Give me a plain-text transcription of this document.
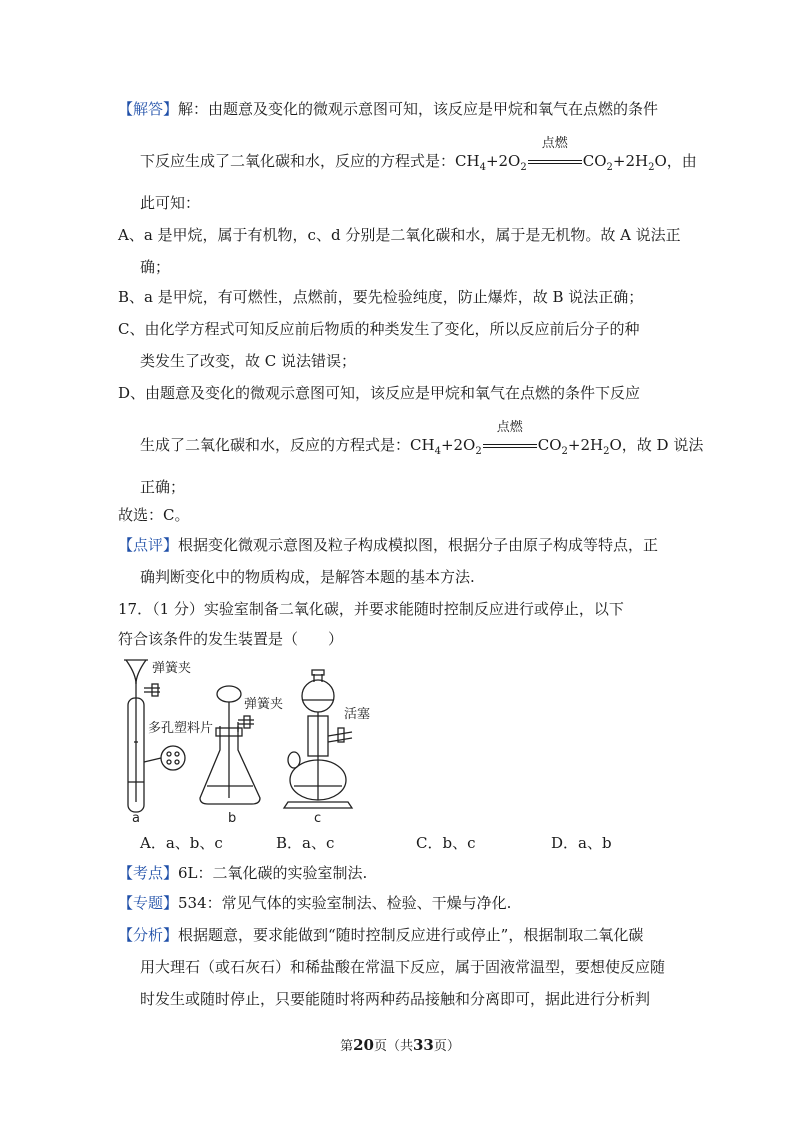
【解答】解：由题意及变化的微观示意图可知，该反应是甲烷和氧气在点燃的条件
下反应生成了二氧化碳和水，反应的方程式是：$CH_4+2O_2$
点燃
$CO_2+2H_2O$，由
此可知：
A、a 是甲烷，属于有机物，c、d 分别是二氧化碳和水，属于是无机物。故 A 说法正
确；
B、a 是甲烷，有可燃性，点燃前，要先检验纯度，防止爆炸，故 B 说法正确；
C、由化学方程式可知反应前后物质的种类发生了变化，所以反应前后分子的种
类发生了改变，故 C 说法错误；
D、由题意及变化的微观示意图可知，该反应是甲烷和氧气在点燃的条件下反应
生成了二氧化碳和水，反应的方程式是：$CH_4+2O_2$
点燃
$CO_2+2H_2O$，故 D 说法
正确；
故选：C。
【点评】根据变化微观示意图及粒子构成模拟图，根据分子由原子构成等特点，正
确判断变化中的物质构成，是解答本题的基本方法.
17．（1 分）实验室制备二氧化碳，并要求能随时控制反应进行或停止，以下
符合该条件的发生装置是（　　）
弹簧夹
多孔塑料片
弹簧夹
活塞
a	b	c
A．a、b、c	B．a、c	C．b、c	D．a、b
【考点】6L：二氧化碳的实验室制法.
【专题】534：常见气体的实验室制法、检验、干燥与净化.
【分析】根据题意，要求能做到“随时控制反应进行或停止”，根据制取二氧化碳
用大理石（或石灰石）和稀盐酸在常温下反应，属于固液常温型，要想使反应随
时发生或随时停止，只要能随时将两种药品接触和分离即可，据此进行分析判
第20页（共33页）
